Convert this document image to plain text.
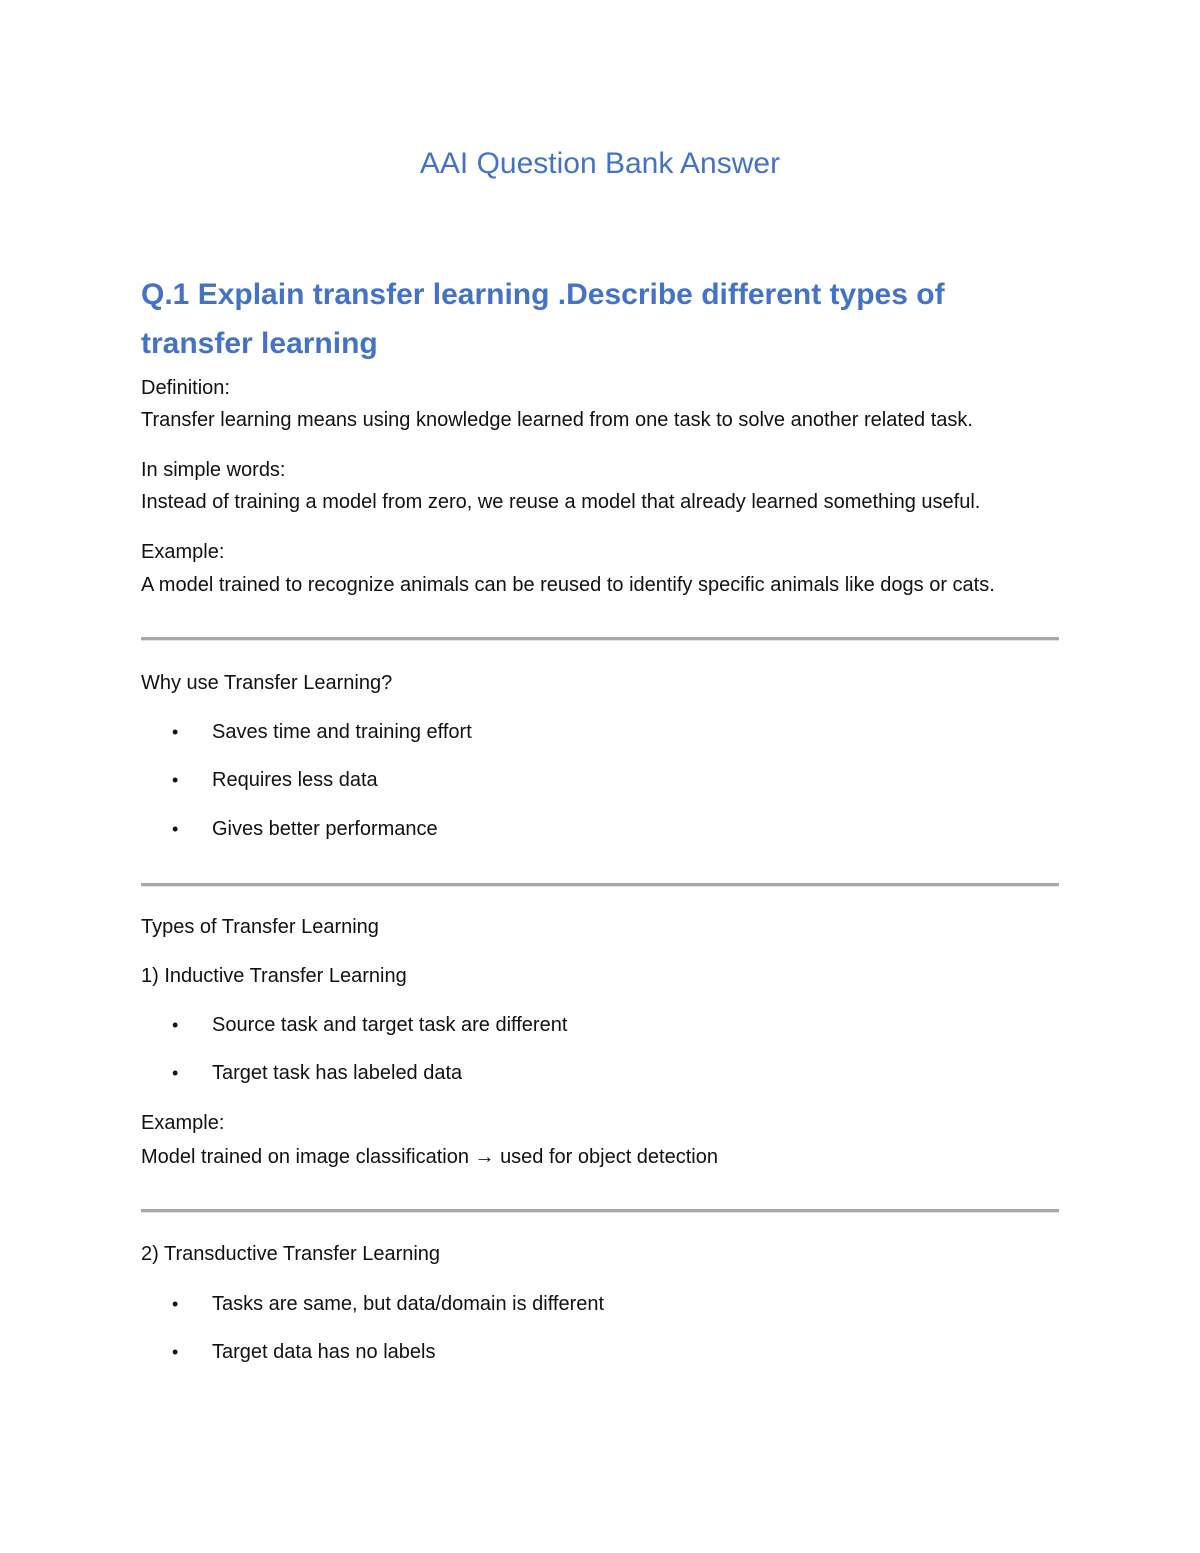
AAI Question Bank Answer
Q.1 Explain transfer learning .Describe different types of
transfer learning
Definition:
Transfer learning means using knowledge learned from one task to solve another related task.
In simple words:
Instead of training a model from zero, we reuse a model that already learned something useful.
Example:
A model trained to recognize animals can be reused to identify specific animals like dogs or cats.
Why use Transfer Learning?
• Saves time and training effort
• Requires less data
• Gives better performance
Types of Transfer Learning
1) Inductive Transfer Learning
• Source task and target task are different
• Target task has labeled data
Example:
Model trained on image classification → used for object detection
2) Transductive Transfer Learning
• Tasks are same, but data/domain is different
• Target data has no labels
